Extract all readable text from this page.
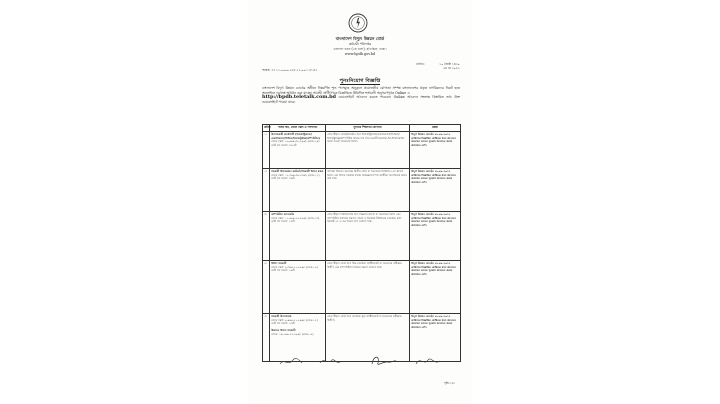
বাংলাদেশ বিদ্যুৎ উন্নয়ন বোর্ড
কর্মচারী পরিদপ্তর
ওয়াপদা ভবন (৩য় তলা), মতিঝিল, ঢাকা।
www.bpdb.gov.bd
তারিখ:	১০ জ্যৈষ্ঠ ১৪৩০
২৪ মে ২০২৩
স্মারক: ২৭.১১.০০০০.২২৮.১১.০০১.১৮-৪২
পুনঃনিয়োগ বিজ্ঞপ্তি
বাংলাদেশ বিদ্যুৎ উন্নয়ন বোর্ডের অধীনে নিম্নবর্ণিত শূন্য পদসমূহে অনুকূলে প্রয়োজনীয় যোগ্যতা সম্পন্ন বাংলাদেশের প্রকৃত নাগরিকদের নিকট হতে অনলাইনে দরখাস্ত আহ্বান করা যাচ্ছে। আগ্রহী প্রার্থীগণকে বিজ্ঞপ্তিতে উল্লিখিত শর্তাবলী অনুসরণপূর্বক Online এ
http://bpdb.teletalk.com.bd ওয়েবসাইটে আবেদন করতে পারবেন। Online আবেদন সংক্রান্ত বিস্তারিত তথ্য উক্ত ওয়েবসাইটে পাওয়া যাবে।
ক্রমিক	পদের নাম, বেতন স্কেল ও পদসংখ্যা	ন্যূনতম শিক্ষাগত যোগ্যতা	মন্তব্য
১।	উপসহকারী প্রকৌশলী (ইলেকট্রিক্যাল/মেকানিক্যাল/সিভিল/ইলেকট্রনিক্স/কম্পিউটার)
বেতন স্কেল: ১৬,০০০-৩৮,৬৪০/- (গ্রেড-১০)
মোট পদ সংখ্যা: ৩৭৮টি	কোন স্বীকৃত বোর্ড/প্রতিষ্ঠান হতে ইলেকট্রিক্যাল/মেকানিক্যাল/সিভিল/ইলেকট্রনিক্স/কম্পিউটার বিষয়ে চার বছর মেয়াদী ডিপ্লোমা-ইন-ইঞ্জিনিয়ারিং ডিগ্রি অথবা সমমানের ডিগ্রি।	বিদ্যুৎ উন্নয়ন বোর্ডের ১৮.০৮.২০২২ তারিখের বিজ্ঞপ্তির প্রেক্ষিতে যারা আবেদন করেছেন তাদের পুনরায় আবেদন করার প্রয়োজন নেই।
২।	সহকারী হিসাবরক্ষণ কর্মকর্তা/সহকারী হিসাব রক্ষক
বেতন স্কেল: ১২,৫০০-৩০,২৩০/- (গ্রেড-১১)
মোট পদ সংখ্যা: ৩৯টি	বাণিজ্য বিভাগে কমপক্ষে দ্বিতীয় শ্রেণি বা সমমানের সিজিপিএ-তে স্নাতক ডিগ্রি এবং হিসাব সংক্রান্ত কাজে অভিজ্ঞতাসম্পন্ন প্রার্থীকে অগ্রাধিকার প্রদান করা হবে।	বিদ্যুৎ উন্নয়ন বোর্ডের ১৮.০৮.২০২২ তারিখের বিজ্ঞপ্তির প্রেক্ষিতে যারা আবেদন করেছেন তাদের পুনরায় আবেদন করার প্রয়োজন নেই।
৩।	কম্পিউটার অপারেটর
বেতন স্কেল: ১১,০০০-২৬,৫৯০/- (গ্রেড-১৩)
মোট পদ সংখ্যা: ২৫টি	কোন স্বীকৃত বিশ্ববিদ্যালয় হতে বিজ্ঞানে স্নাতক বা সমমানের ডিগ্রি এবং কম্পিউটার ব্যবহারে দক্ষতা। বাংলা ও ইংরেজি টাইপিংয়ে যথাক্রমে প্রতি মিনিটে ২৫ ও ৩০ শব্দের গতি থাকতে হবে।	বিদ্যুৎ উন্নয়ন বোর্ডের ১৮.০৮.২০২২ তারিখের বিজ্ঞপ্তির প্রেক্ষিতে যারা আবেদন করেছেন তাদের পুনরায় আবেদন করার প্রয়োজন নেই।
৪।	বিলিং সহকারী
বেতন স্কেল: ৯,৩০০-২২,৪৯০/- (গ্রেড-১৬)
মোট পদ সংখ্যা: ২৯টি	কোন স্বীকৃত বোর্ড হতে উচ্চ মাধ্যমিক সার্টিফিকেট বা সমমানের পরীক্ষায় উত্তীর্ণ এবং কম্পিউটার চালনায় দক্ষতা থাকতে হবে।	বিদ্যুৎ উন্নয়ন বোর্ডের ১৮.০৮.২০২২ তারিখের বিজ্ঞপ্তির প্রেক্ষিতে যারা আবেদন করেছেন তাদের পুনরায় আবেদন করার প্রয়োজন নেই।
৫।	সহকারী উপসহায়ক
বেতন স্কেল: ৯,০০০-২১,৮০০/- (গ্রেড-১৭)
মোট পদ সংখ্যা: ২৬টি
উচ্চমান হিসাব সহকারী
বেতন: ১০,২০০-২৪,৬৮০/- (গ্রেড-১৪)	কোন স্বীকৃত বোর্ড হতে মাধ্যমিক স্কুল সার্টিফিকেট বা সমমানের পরীক্ষায় উত্তীর্ণ।	বিদ্যুৎ উন্নয়ন বোর্ডের ১৮.০৮.২০২২ তারিখের বিজ্ঞপ্তির প্রেক্ষিতে যারা আবেদন করেছেন তাদের পুনরায় আবেদন করার প্রয়োজন নেই।
পৃষ্ঠা-১/২
